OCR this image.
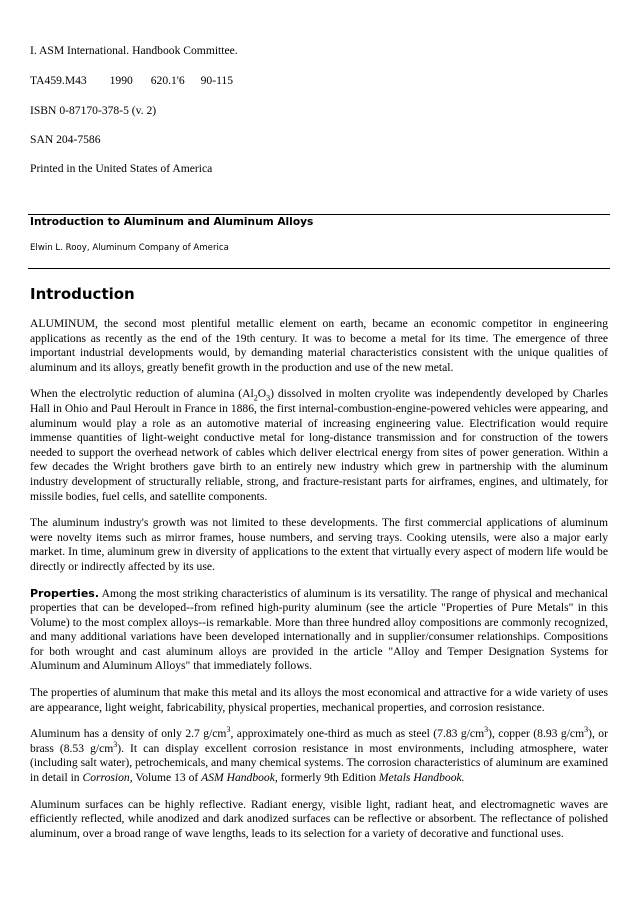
I. ASM International. Handbook Committee.
TA459.M43 1990 620.1'6 90-115
ISBN 0-87170-378-5 (v. 2)
SAN 204-7586
Printed in the United States of America
Introduction to Aluminum and Aluminum Alloys
Elwin L. Rooy, Aluminum Company of America
Introduction

ALUMINUM, the second most plentiful metallic element on earth, became an economic competitor in engineering applications as recently as the end of the 19th century. It was to become a metal for its time. The emergence of three important industrial developments would, by demanding material characteristics consistent with the unique qualities of aluminum and its alloys, greatly benefit growth in the production and use of the new metal.

When the electrolytic reduction of alumina $(Al_2O_3)$ dissolved in molten cryolite was independently developed by Charles Hall in Ohio and Paul Heroult in France in 1886, the first internal-combustion-engine-powered vehicles were appearing, and aluminum would play a role as an automotive material of increasing engineering value. Electrification would require immense quantities of light-weight conductive metal for long-distance transmission and for construction of the towers needed to support the overhead network of cables which deliver electrical energy from sites of power generation. Within a few decades the Wright brothers gave birth to an entirely new industry which grew in partnership with the aluminum industry development of structurally reliable, strong, and fracture-resistant parts for airframes, engines, and ultimately, for missile bodies, fuel cells, and satellite components.

The aluminum industry's growth was not limited to these developments. The first commercial applications of aluminum were novelty items such as mirror frames, house numbers, and serving trays. Cooking utensils, were also a major early market. In time, aluminum grew in diversity of applications to the extent that virtually every aspect of modern life would be directly or indirectly affected by its use.

Properties. Among the most striking characteristics of aluminum is its versatility. The range of physical and mechanical properties that can be developed--from refined high-purity aluminum (see the article "Properties of Pure Metals" in this Volume) to the most complex alloys--is remarkable. More than three hundred alloy compositions are commonly recognized, and many additional variations have been developed internationally and in supplier/consumer relationships. Compositions for both wrought and cast aluminum alloys are provided in the article "Alloy and Temper Designation Systems for Aluminum and Aluminum Alloys" that immediately follows.

The properties of aluminum that make this metal and its alloys the most economical and attractive for a wide variety of uses are appearance, light weight, fabricability, physical properties, mechanical properties, and corrosion resistance.

Aluminum has a density of only 2.7 $g/cm^3$, approximately one-third as much as steel (7.83 $g/cm^3$), copper (8.93 $g/cm^3$), or brass (8.53 $g/cm^3$). It can display excellent corrosion resistance in most environments, including atmosphere, water (including salt water), petrochemicals, and many chemical systems. The corrosion characteristics of aluminum are examined in detail in Corrosion, Volume 13 of ASM Handbook, formerly 9th Edition Metals Handbook.

Aluminum surfaces can be highly reflective. Radiant energy, visible light, radiant heat, and electromagnetic waves are efficiently reflected, while anodized and dark anodized surfaces can be reflective or absorbent. The reflectance of polished aluminum, over a broad range of wave lengths, leads to its selection for a variety of decorative and functional uses.
